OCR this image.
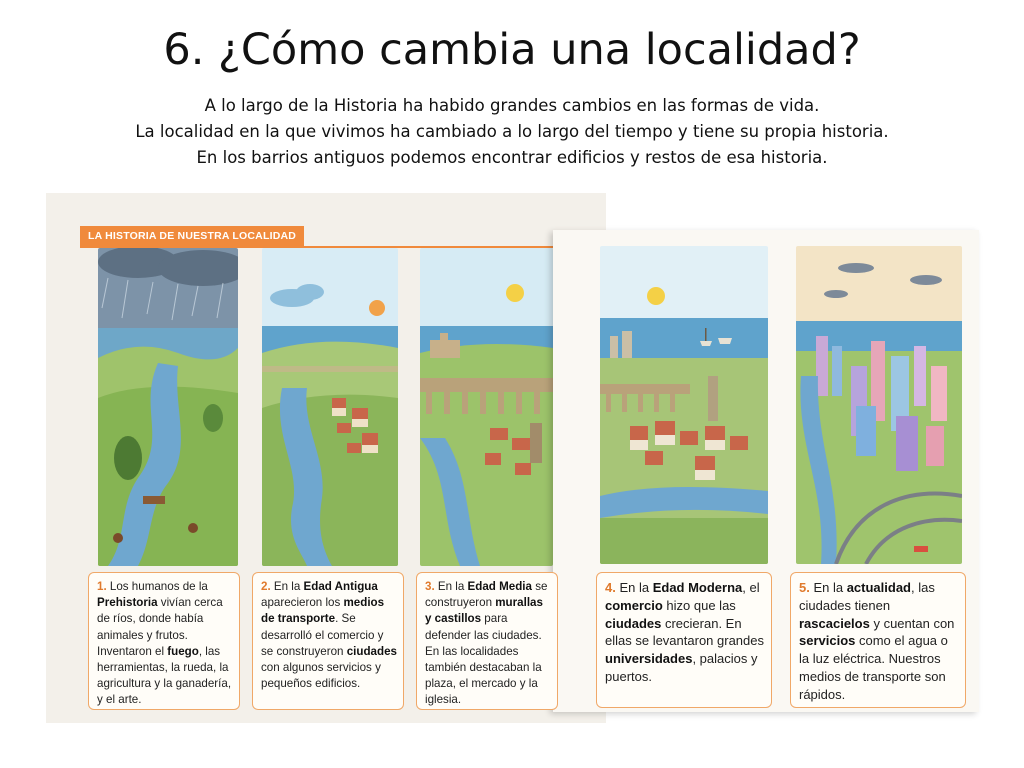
6. ¿Cómo cambia una localidad?
A lo largo de la Historia ha habido grandes cambios en las formas de vida.
La localidad en la que vivimos ha cambiado a lo largo del tiempo y tiene su propia historia.
En los barrios antiguos podemos encontrar edificios y restos de esa historia.
LA HISTORIA DE NUESTRA LOCALIDAD
1. Los humanos de la Prehistoria vivían cerca de ríos, donde había animales y frutos. Inventaron el fuego, las herramientas, la rueda, la agricultura y la ganadería, y el arte.
2. En la Edad Antigua aparecieron los medios de transporte. Se desarrolló el comercio y se construyeron ciudades con algunos servicios y pequeños edificios.
3. En la Edad Media se construyeron murallas y castillos para defender las ciudades. En las localidades también destacaban la plaza, el mercado y la iglesia.
4. En la Edad Moderna, el comercio hizo que las ciudades crecieran. En ellas se levantaron grandes universidades, palacios y puertos.
5. En la actualidad, las ciudades tienen rascacielos y cuentan con servicios como el agua o la luz eléctrica. Nuestros medios de transporte son rápidos.
